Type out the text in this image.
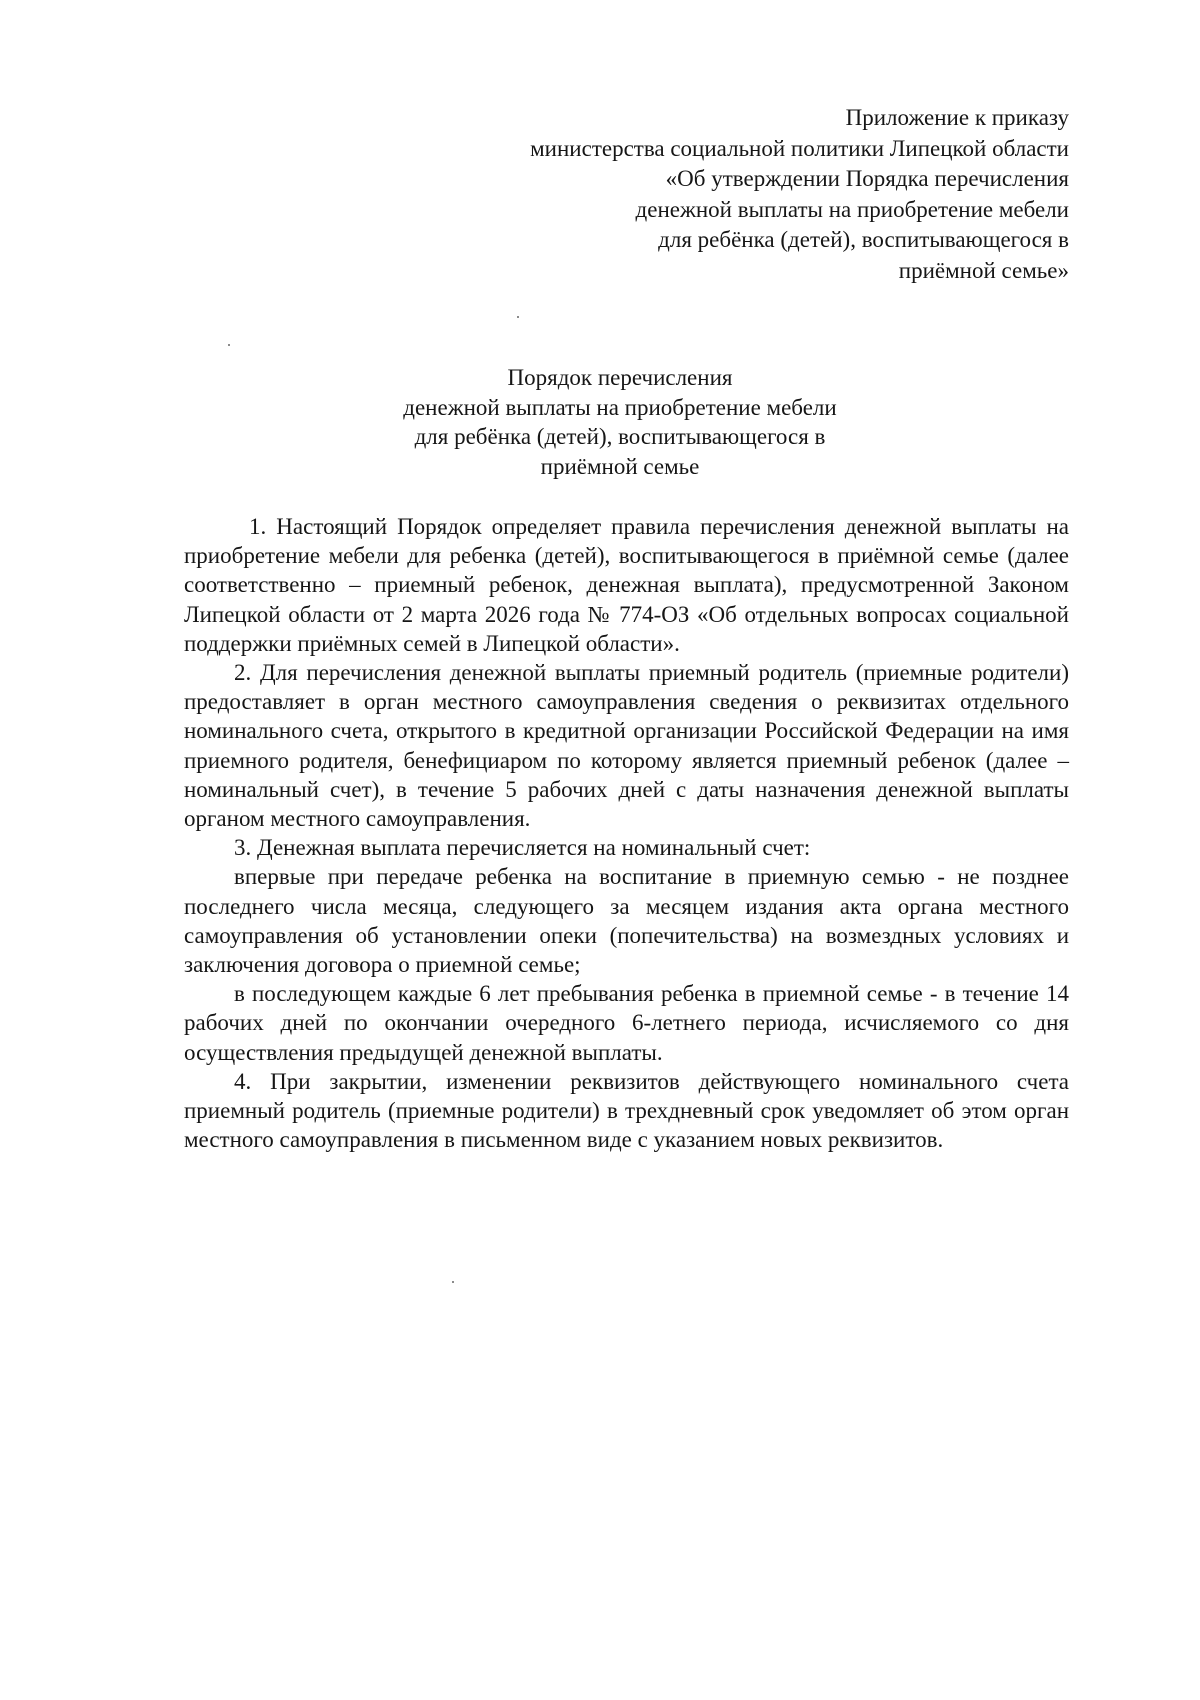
Приложение к приказу
министерства социальной политики Липецкой области
«Об утверждении Порядка перечисления
денежной выплаты на приобретение мебели
для ребёнка (детей), воспитывающегося в
приёмной семье»
Порядок перечисления
денежной выплаты на приобретение мебели
для ребёнка (детей), воспитывающегося в
приёмной семье

1. Настоящий Порядок определяет правила перечисления денежной выплаты на приобретение мебели для ребенка (детей), воспитывающегося в приёмной семье (далее соответственно – приемный ребенок, денежная выплата), предусмотренной Законом Липецкой области от 2 марта 2026 года № 774-ОЗ «Об отдельных вопросах социальной поддержки приёмных семей в Липецкой области».

2. Для перечисления денежной выплаты приемный родитель (приемные родители) предоставляет в орган местного самоуправления сведения о реквизитах отдельного номинального счета, открытого в кредитной организации Российской Федерации на имя приемного родителя, бенефициаром по которому является приемный ребенок (далее – номинальный счет), в течение 5 рабочих дней с даты назначения денежной выплаты органом местного самоуправления.

3. Денежная выплата перечисляется на номинальный счет:

впервые при передаче ребенка на воспитание в приемную семью - не позднее последнего числа месяца, следующего за месяцем издания акта органа местного самоуправления об установлении опеки (попечительства) на возмездных условиях и заключения договора о приемной семье;

в последующем каждые 6 лет пребывания ребенка в приемной семье - в течение 14 рабочих дней по окончании очередного 6-летнего периода, исчисляемого со дня осуществления предыдущей денежной выплаты.

4. При закрытии, изменении реквизитов действующего номинального счета приемный родитель (приемные родители) в трехдневный срок уведомляет об этом орган местного самоуправления в письменном виде с указанием новых реквизитов.
